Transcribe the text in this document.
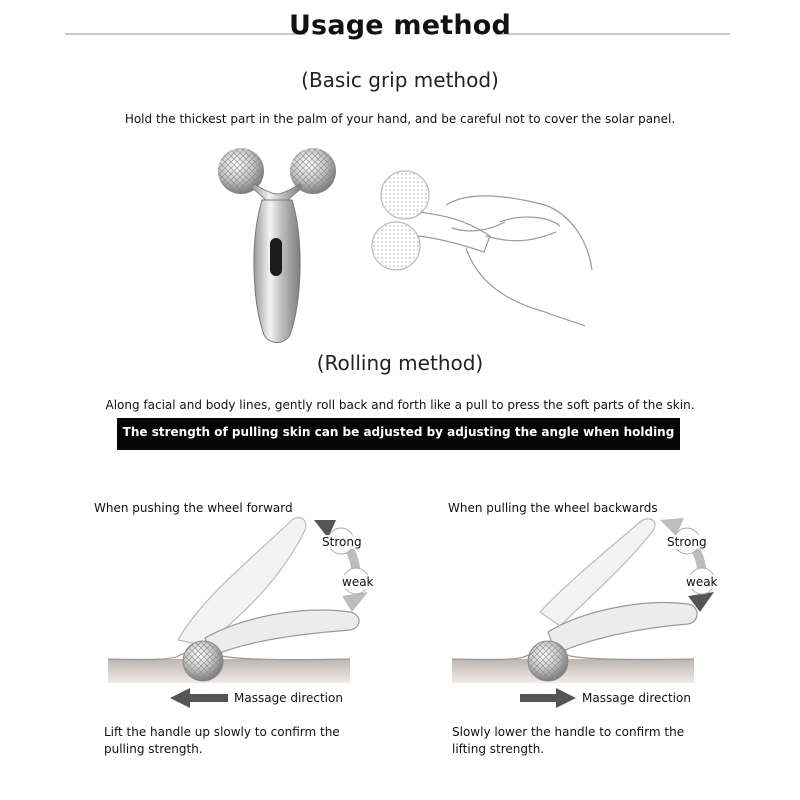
Usage method
(Basic grip method)
Hold the thickest part in the palm of your hand, and be careful not to cover the solar panel.
(Rolling method)
Along facial and body lines, gently roll back and forth like a pull to press the soft parts of the skin.
The strength of pulling skin can be adjusted by adjusting the angle when holding the handle.
When pushing the wheel forward
Strong
weak
Massage direction
Lift the handle up slowly to confirm the pulling strength.
When pulling the wheel backwards
Strong
weak
Massage direction
Slowly lower the handle to confirm the lifting strength.
